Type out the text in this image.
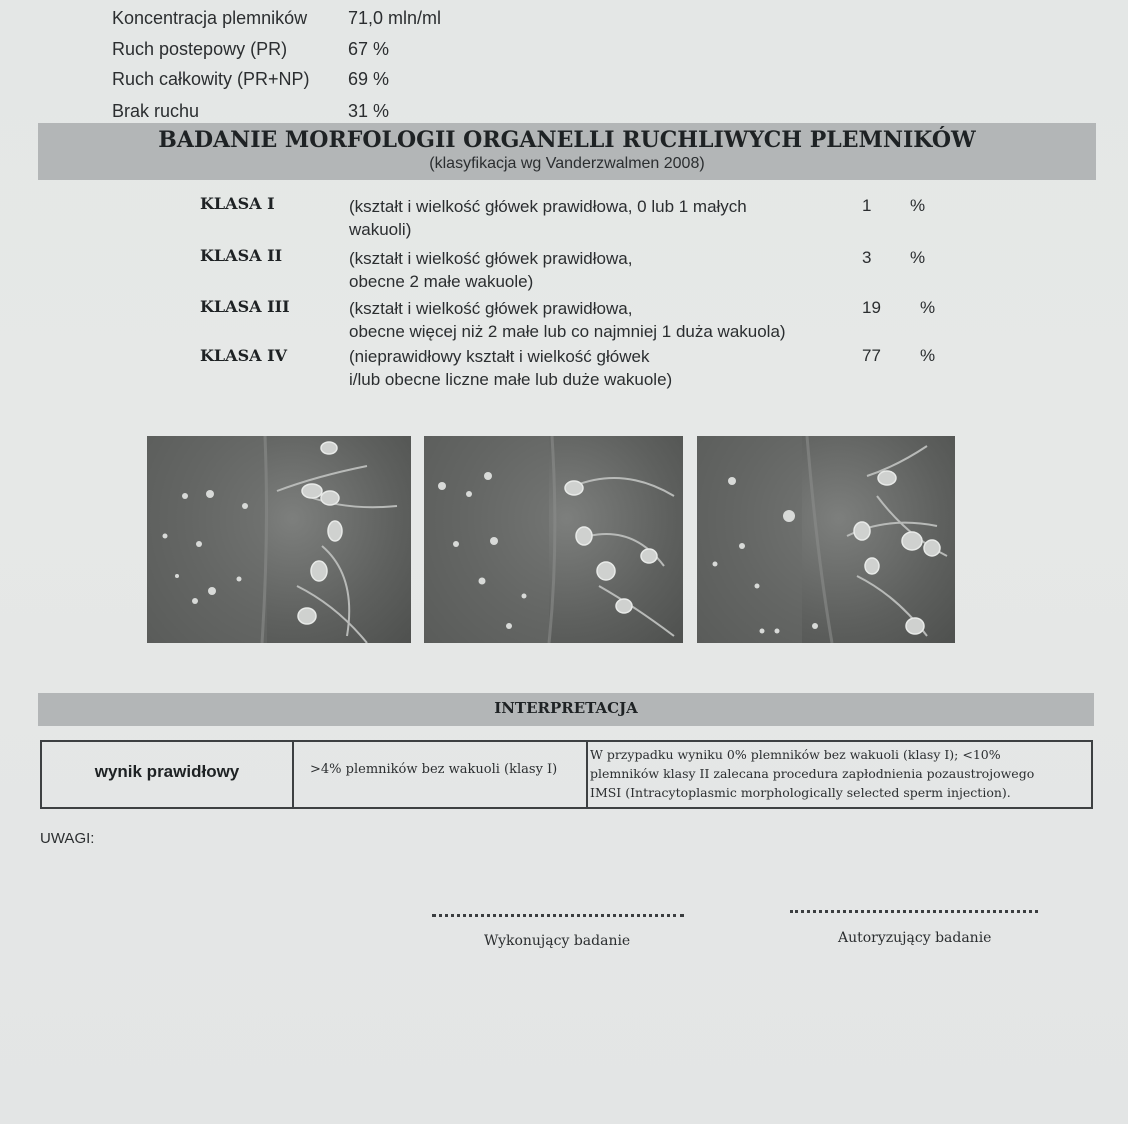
Koncentracja plemników 71,0 mln/ml
Ruch postepowy (PR)	67 %
Ruch całkowity (PR+NP) 69 %
Brak ruchu	31 %
BADANIE MORFOLOGII ORGANELLI RUCHLIWYCH PLEMNIKÓW
(klasyfikacja wg Vanderzwalmen 2008)
KLASA I	(kształt i wielkość główek prawidłowa, 0 lub 1 małych
wakuoli)
1 %
KLASA II	(kształt i wielkość główek prawidłowa,
obecne 2 małe wakuole)
3 %
KLASA III	(kształt i wielkość główek prawidłowa,
obecne więcej niż 2 małe lub co najmniej 1 duża wakuola)
19 %
KLASA IV	(nieprawidłowy kształt i wielkość główek
i/lub obecne liczne małe lub duże wakuole)
77 %
INTERPRETACJA
wynik prawidłowy	>4% plemników bez wakuoli (klasy I)
W przypadku wyniku 0% plemników bez wakuoli (klasy I); <10%
plemników klasy II zalecana procedura zapłodnienia pozaustrojowego
IMSI (Intracytoplasmic morphologically selected sperm injection).
UWAGI:
Wykonujący badanie	Autoryzujący badanie
